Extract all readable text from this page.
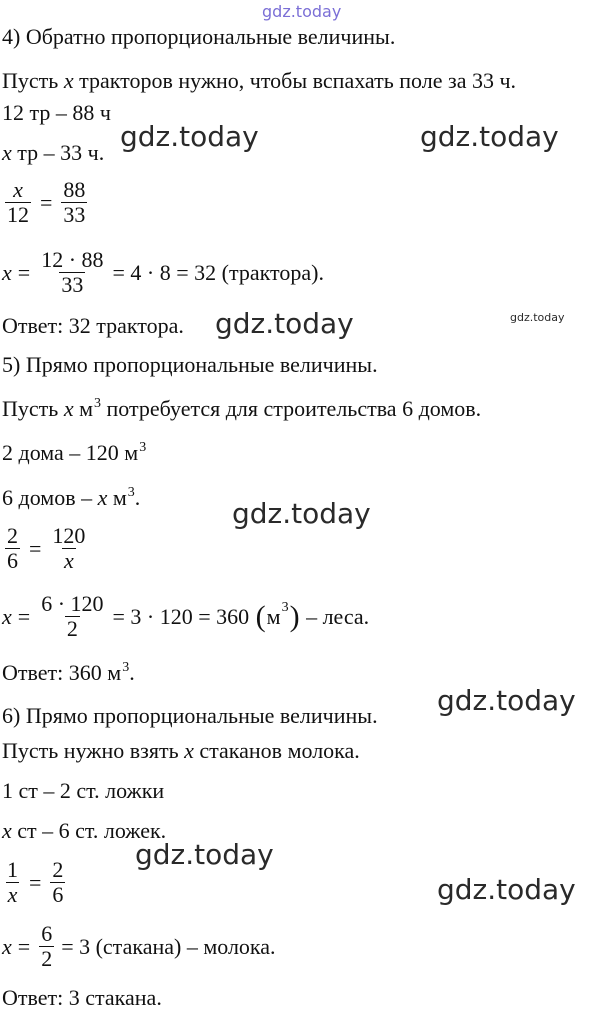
gdz.today
4) Обратно пропорциональные величины.
Пусть x тракторов нужно, чтобы вспахать поле за 33 ч.
12 тр – 88 ч
x тр – 33 ч.
$\frac{x}{12} = \frac{88}{33}$
$x = \frac{12 \cdot 88}{33} = 4 \cdot 8 = 32$ (трактора).
Ответ: 32 трактора.
5) Прямо пропорциональные величины.
Пусть x $м^3$ потребуется для строительства 6 домов.
2 дома – 120 $м^3$
6 домов – x $м^3$.
$\frac{2}{6} = \frac{120}{x}$
$x = \frac{6 \cdot 120}{2} = 3 \cdot 120 = 360$ ( м 3 ) – леса.
Ответ: 360 $м^3$.
6) Прямо пропорциональные величины.
Пусть нужно взять x стаканов молока.
1 ст – 2 ст. ложки
x ст – 6 ст. ложек.
$\frac{1}{x} = \frac{2}{6}$
$x = \frac{6}{2} = 3$ (стакана) – молока.
Ответ: 3 стакана.
gdz.today	gdz.today
gdz.today	gdz.today
gdz.today
gdz.today
gdz.today
gdz.today
